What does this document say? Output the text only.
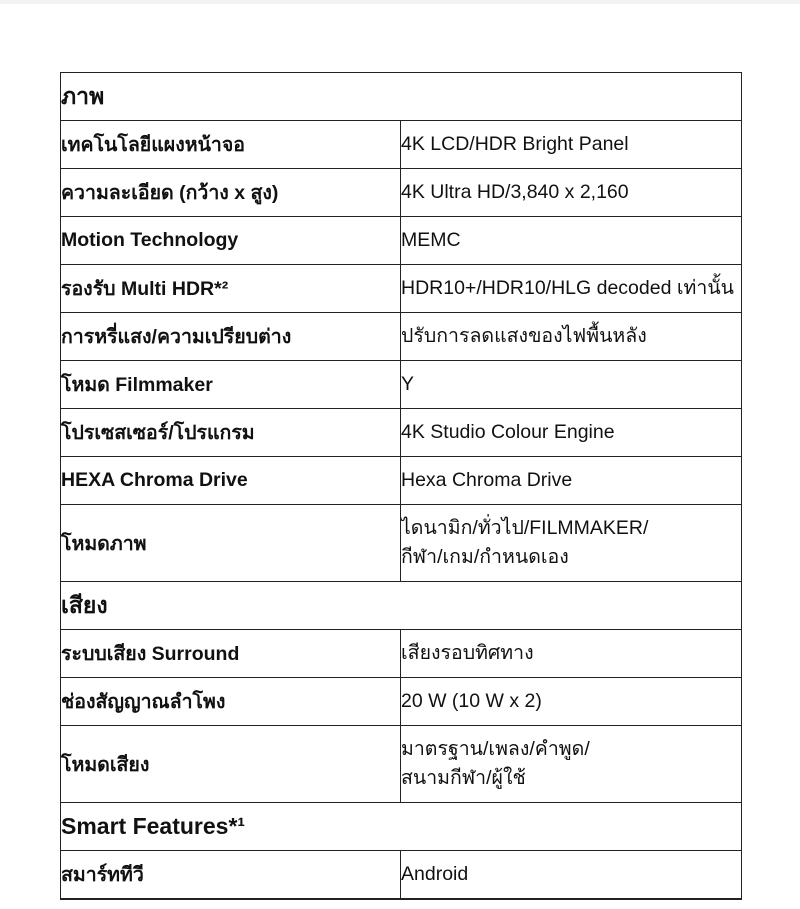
ภาพ	
เทคโนโลยีแผงหน้าจอ	4K LCD/HDR Bright Panel

ความละเอียด (กว้าง x สูง)	4K Ultra HD/3,840 x 2,160

Motion Technology	MEMC

รองรับ Multi HDR*²	HDR10+/HDR10/HLG decoded เท่านั้น

การหรี่แสง/ความเปรียบต่าง	ปรับการลดแสงของไฟพื้นหลัง

โหมด Filmmaker	Y

โปรเซสเซอร์/โปรแกรม	4K Studio Colour Engine

HEXA Chroma Drive	Hexa Chroma Drive

โหมดภาพ	ไดนามิก/ทั่วไป/FILMMAKER/
กีฬา/เกม/กำหนดเอง

เสียง	
ระบบเสียง Surround	เสียงรอบทิศทาง

ช่องสัญญาณลำโพง	20 W (10 W x 2)

โหมดเสียง	มาตรฐาน/เพลง/คำพูด/
สนามกีฬา/ผู้ใช้

Smart Features*¹	
สมาร์ททีวี	Android
